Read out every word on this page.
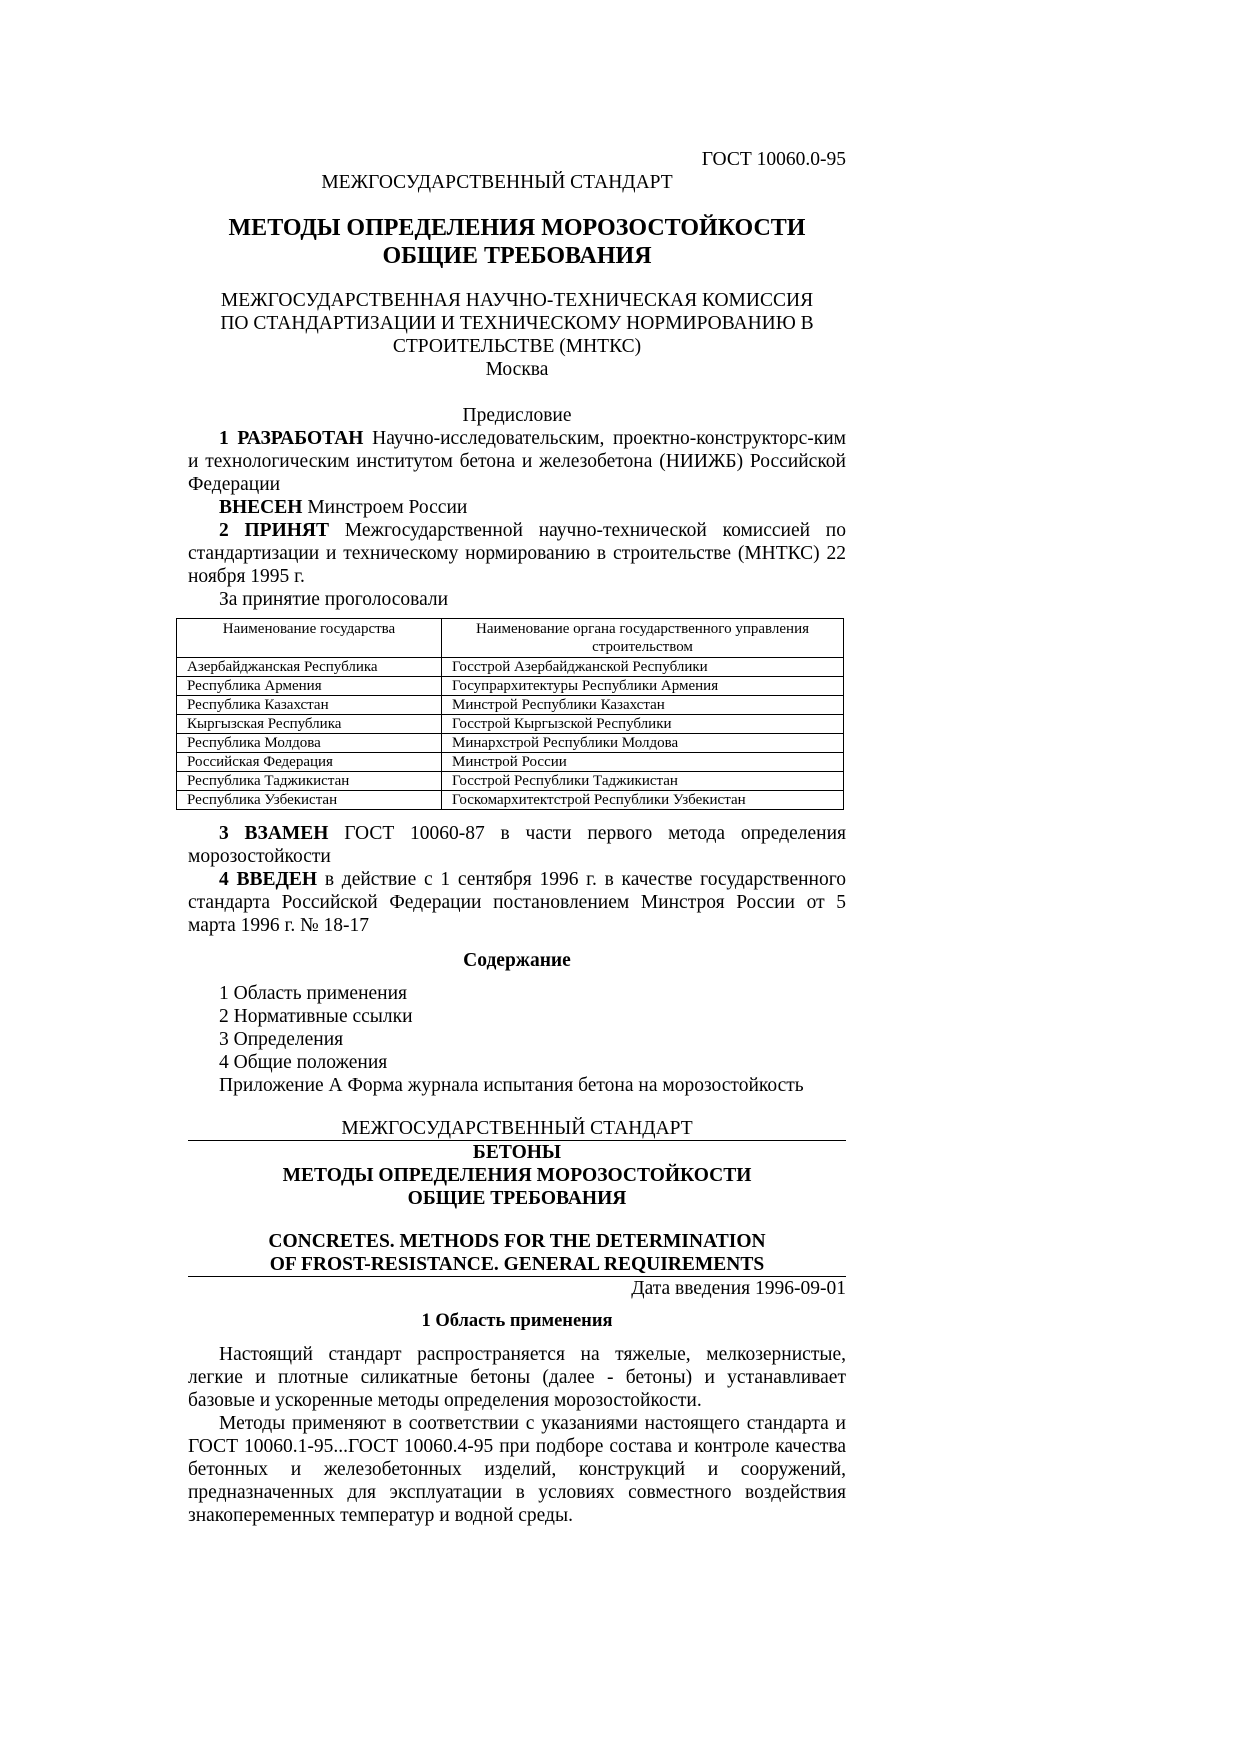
ГОСТ 10060.0-95
МЕЖГОСУДАРСТВЕННЫЙ СТАНДАРТ
МЕТОДЫ ОПРЕДЕЛЕНИЯ МОРОЗОСТОЙКОСТИ
ОБЩИЕ ТРЕБОВАНИЯ
МЕЖГОСУДАРСТВЕННАЯ НАУЧНО-ТЕХНИЧЕСКАЯ КОМИССИЯ
ПО СТАНДАРТИЗАЦИИ И ТЕХНИЧЕСКОМУ НОРМИРОВАНИЮ В
СТРОИТЕЛЬСТВЕ (МНТКС)
Москва
Предисловие

1 РАЗРАБОТАН Научно-исследовательским, проектно-конструкторс-ким и технологическим институтом бетона и железобетона (НИИЖБ) Российской Федерации

ВНЕСЕН Минстроем России

2 ПРИНЯТ Межгосударственной научно-технической комиссией по стандартизации и техническому нормированию в строительстве (МНТКС) 22 ноября 1995 г.

За принятие проголосовали

Наименование государства	Наименование органа государственного управления строительством
Азербайджанская Республика	Госстрой Азербайджанской Республики
Республика Армения	Госупрархитектуры Республики Армения
Республика Казахстан	Минстрой Республики Казахстан
Кыргызская Республика	Госстрой Кыргызской Республики
Республика Молдова	Минархстрой Республики Молдова
Российская Федерация	Минстрой России
Республика Таджикистан	Госстрой Республики Таджикистан
Республика Узбекистан	Госкомархитектстрой Республики Узбекистан

3 ВЗАМЕН ГОСТ 10060-87 в части первого метода определения морозостойкости

4 ВВЕДЕН в действие с 1 сентября 1996 г. в качестве государственного стандарта Российской Федерации постановлением Минстроя России от 5 марта 1996 г. № 18-17

Содержание
1 Область применения
2 Нормативные ссылки
3 Определения
4 Общие положения
Приложение А Форма журнала испытания бетона на морозостойкость
МЕЖГОСУДАРСТВЕННЫЙ СТАНДАРТ
БЕТОНЫ
МЕТОДЫ ОПРЕДЕЛЕНИЯ МОРОЗОСТОЙКОСТИ
ОБЩИЕ ТРЕБОВАНИЯ
CONCRETES. METHODS FOR THE DETERMINATION
OF FROST-RESISTANCE. GENERAL REQUIREMENTS
Дата введения 1996-09-01
1 Область применения

Настоящий стандарт распространяется на тяжелые, мелкозернистые, легкие и плотные силикатные бетоны (далее - бетоны) и устанавливает базовые и ускоренные методы определения морозостойкости.

Методы применяют в соответствии с указаниями настоящего стандарта и ГОСТ 10060.1-95...ГОСТ 10060.4-95 при подборе состава и контроле качества бетонных и железобетонных изделий, конструкций и сооружений, предназначенных для эксплуатации в условиях совместного воздействия знакопеременных температур и водной среды.
